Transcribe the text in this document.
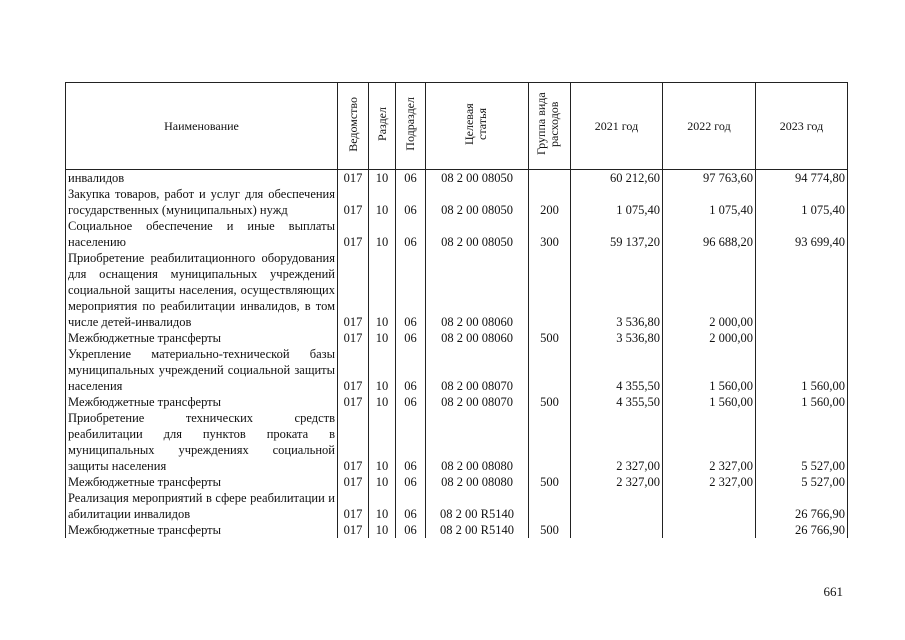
Наименование	Ведомство	Раздел	Подраздел	Целевая статья	Группа вида расходов	2021 год	2022 год	2023 год
инвалидов	017	10	06	08 2 00 08050		60 212,60	97 763,60	94 774,80
Закупка товаров, работ и услуг для обеспечения государственных (муниципальных) нужд	017	10	06	08 2 00 08050	200	1 075,40	1 075,40	1 075,40
Социальное обеспечение и иные выплаты населению	017	10	06	08 2 00 08050	300	59 137,20	96 688,20	93 699,40
Приобретение реабилитационного оборудования для оснащения муниципальных учреждений социальной защиты населения, осуществляющих мероприятия по реабилитации инвалидов, в том числе детей-инвалидов	017	10	06	08 2 00 08060		3 536,80	2 000,00	
Межбюджетные трансферты	017	10	06	08 2 00 08060	500	3 536,80	2 000,00	
Укрепление материально-технической базы муниципальных учреждений социальной защиты населения	017	10	06	08 2 00 08070		4 355,50	1 560,00	1 560,00
Межбюджетные трансферты	017	10	06	08 2 00 08070	500	4 355,50	1 560,00	1 560,00
Приобретение технических средств реабилитации для пунктов проката в муниципальных учреждениях социальной защиты населения	017	10	06	08 2 00 08080		2 327,00	2 327,00	5 527,00
Межбюджетные трансферты	017	10	06	08 2 00 08080	500	2 327,00	2 327,00	5 527,00
Реализация мероприятий в сфере реабилитации и абилитации инвалидов	017	10	06	08 2 00 R5140				26 766,90
Межбюджетные трансферты	017	10	06	08 2 00 R5140	500			26 766,90
661
